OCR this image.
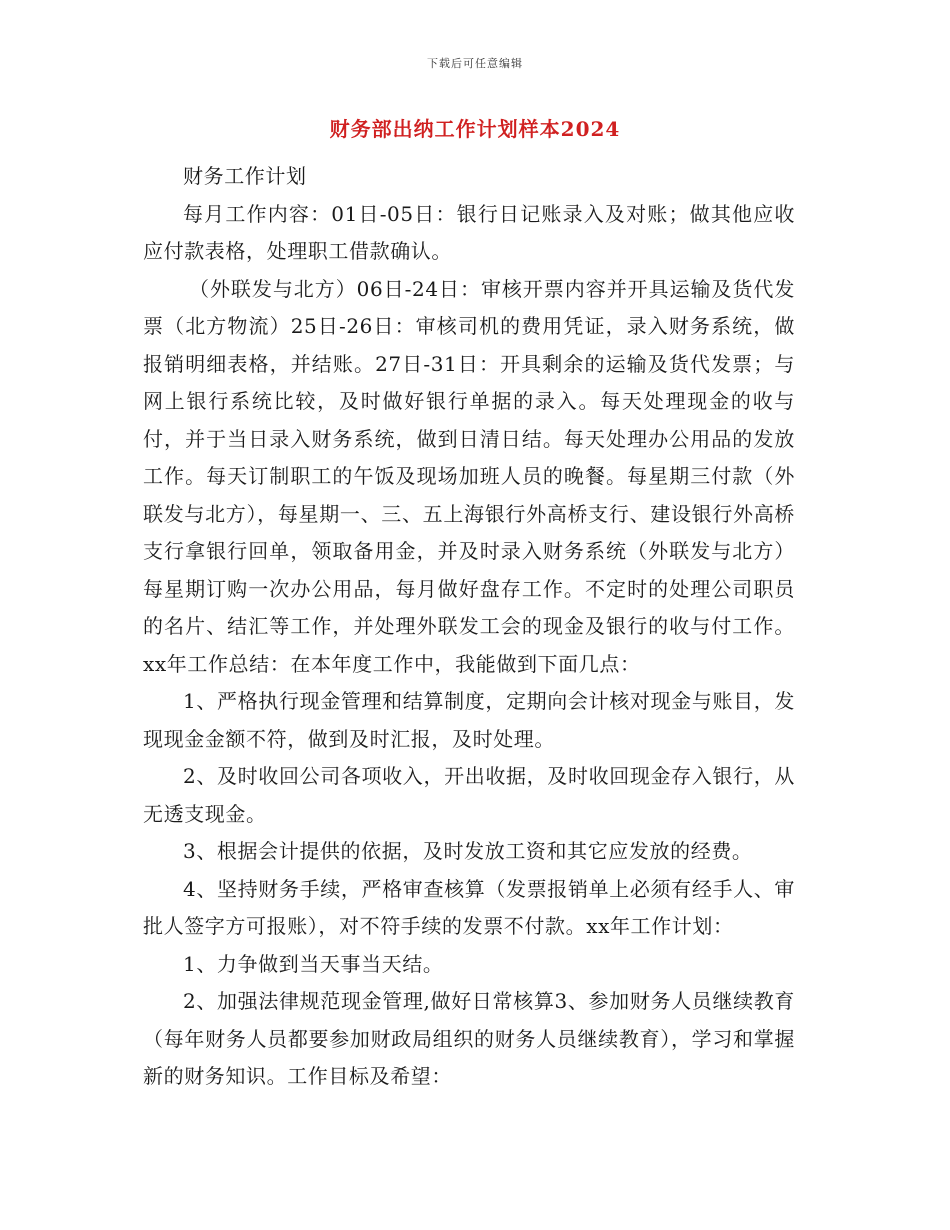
下载后可任意编辑
财务部出纳工作计划样本2024

财务工作计划

每月工作内容：01日-05日：银行日记账录入及对账；做其他应收应付款表格，处理职工借款确认。

（外联发与北方）06日-24日：审核开票内容并开具运输及货代发票（北方物流）25日-26日：审核司机的费用凭证，录入财务系统，做报销明细表格，并结账。27日-31日：开具剩余的运输及货代发票；与网上银行系统比较，及时做好银行单据的录入。每天处理现金的收与付，并于当日录入财务系统，做到日清日结。每天处理办公用品的发放工作。每天订制职工的午饭及现场加班人员的晚餐。每星期三付款（外联发与北方），每星期一、三、五上海银行外高桥支行、建设银行外高桥支行拿银行回单，领取备用金，并及时录入财务系统（外联发与北方）每星期订购一次办公用品，每月做好盘存工作。不定时的处理公司职员的名片、结汇等工作，并处理外联发工会的现金及银行的收与付工作。xx年工作总结：在本年度工作中，我能做到下面几点：

1、严格执行现金管理和结算制度，定期向会计核对现金与账目，发现现金金额不符，做到及时汇报，及时处理。

2、及时收回公司各项收入，开出收据，及时收回现金存入银行，从无透支现金。

3、根据会计提供的依据，及时发放工资和其它应发放的经费。

4、坚持财务手续，严格审查核算（发票报销单上必须有经手人、审批人签字方可报账），对不符手续的发票不付款。xx年工作计划：

1、力争做到当天事当天结。

2、加强法律规范现金管理,做好日常核算3、参加财务人员继续教育（每年财务人员都要参加财政局组织的财务人员继续教育），学习和掌握新的财务知识。工作目标及希望：
